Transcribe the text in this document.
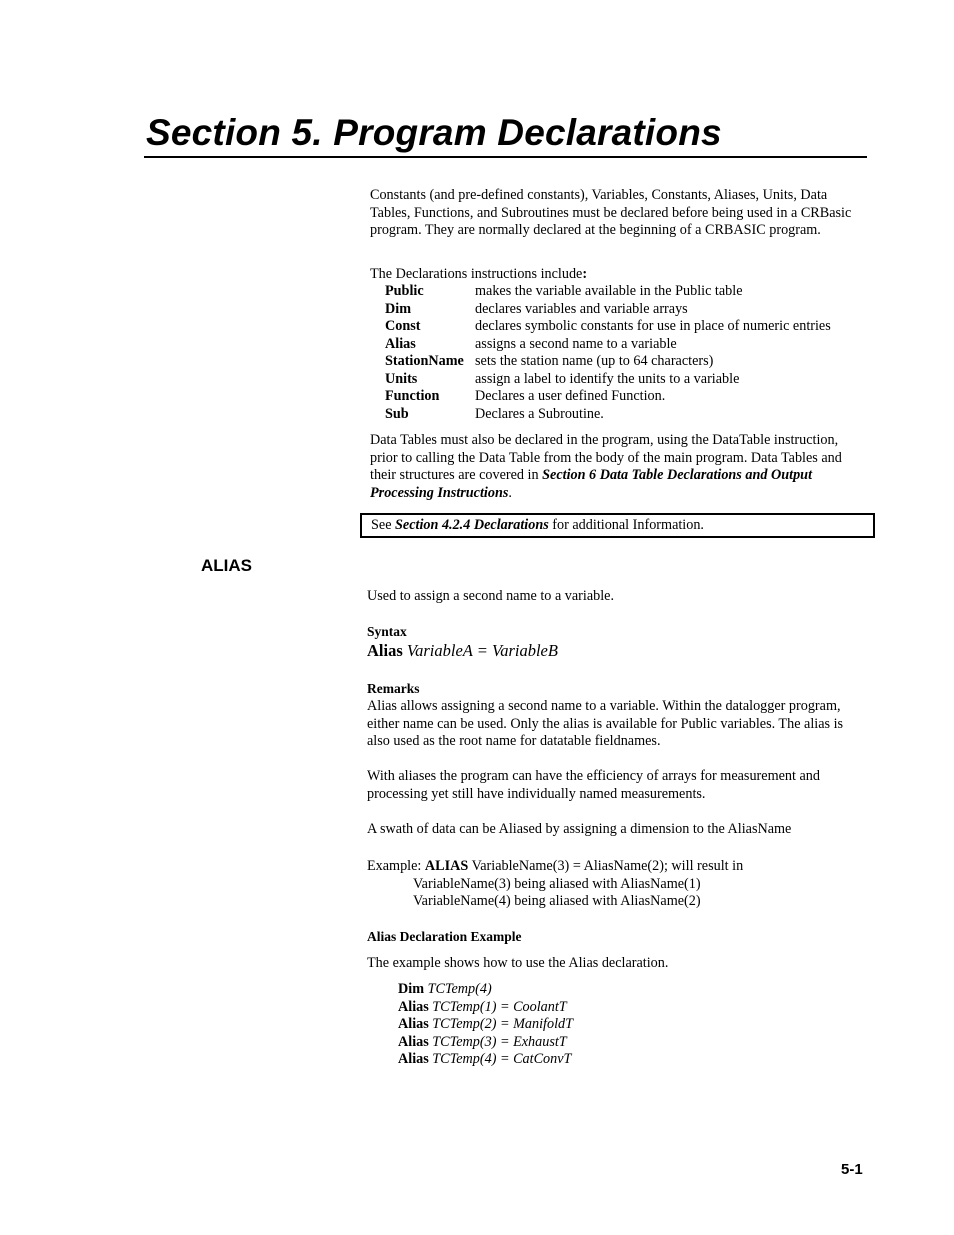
Section 5. Program Declarations
Constants (and pre-defined constants), Variables, Constants, Aliases, Units, Data Tables, Functions, and Subroutines must be declared before being used in a CRBasic program. They are normally declared at the beginning of a CRBASIC program.
The Declarations instructions include:
Public	makes the variable available in the Public table
Dim	declares variables and variable arrays
Const	declares symbolic constants for use in place of numeric entries
Alias	assigns a second name to a variable
StationName	sets the station name (up to 64 characters)
Units	assign a label to identify the units to a variable
Function	Declares a user defined Function.
Sub	Declares a Subroutine.
Data Tables must also be declared in the program, using the DataTable instruction, prior to calling the Data Table from the body of the main program. Data Tables and their structures are covered in Section 6 Data Table Declarations and Output Processing Instructions.
See Section 4.2.4 Declarations for additional Information.
ALIAS
Used to assign a second name to a variable.
Syntax
Alias VariableA = VariableB
Remarks
Alias allows assigning a second name to a variable. Within the datalogger program, either name can be used. Only the alias is available for Public variables. The alias is also used as the root name for datatable fieldnames.
With aliases the program can have the efficiency of arrays for measurement and processing yet still have individually named measurements.
A swath of data can be Aliased by assigning a dimension to the AliasName
Example: ALIAS VariableName(3) = AliasName(2); will result in
VariableName(3) being aliased with AliasName(1)
VariableName(4) being aliased with AliasName(2)
Alias Declaration Example
The example shows how to use the Alias declaration.
Dim TCTemp(4)
Alias TCTemp(1) = CoolantT
Alias TCTemp(2) = ManifoldT
Alias TCTemp(3) = ExhaustT
Alias TCTemp(4) = CatConvT
5-1
